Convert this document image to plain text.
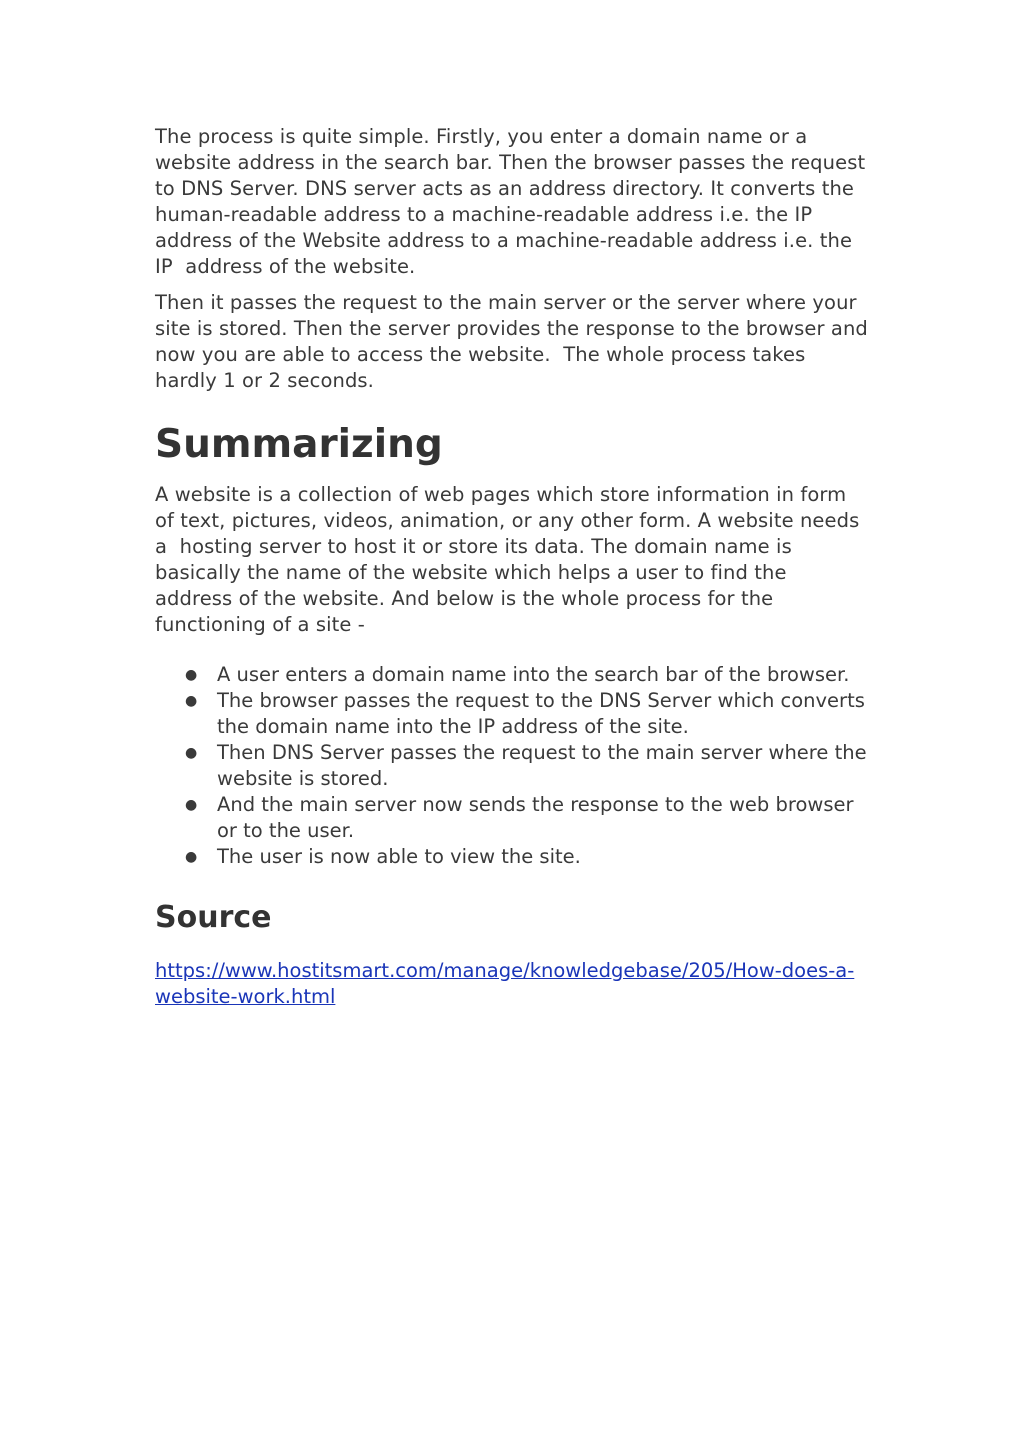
The process is quite simple. Firstly, you enter a domain name or a  website address in the search bar. Then the browser passes the request to DNS Server. DNS server acts as an address directory. It converts the human-readable address to a machine-readable address i.e. the IP  address of the Website address to a machine-readable address i.e. the IP  address of the website.

Then it passes the request to the main server or the server where your site is stored. Then the server provides the response to the browser and now you are able to access the website.  The whole process takes hardly 1 or 2 seconds.

Summarizing

A website is a collection of web pages which store information in form of text, pictures, videos, animation, or any other form. A website needs a  hosting server to host it or store its data. The domain name is basically the name of the website which helps a user to find the address of the website. And below is the whole process for the functioning of a site -

● A user enters a domain name into the search bar of the browser.
● The browser passes the request to the DNS Server which converts the domain name into the IP address of the site.
● Then DNS Server passes the request to the main server where the website is stored.
● And the main server now sends the response to the web browser or to the user.
● The user is now able to view the site.
Source
https://www.hostitsmart.com/manage/knowledgebase/205/How-does-a-website-work.html
